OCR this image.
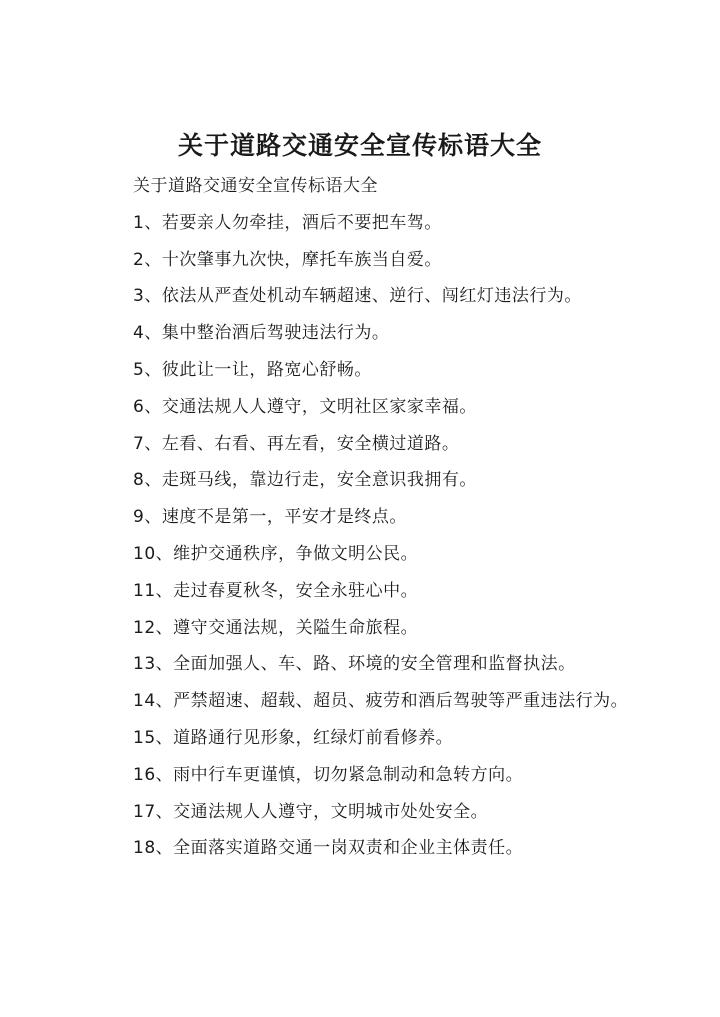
关于道路交通安全宣传标语大全

关于道路交通安全宣传标语大全

1、若要亲人勿牵挂，酒后不要把车驾。

2、十次肇事九次快，摩托车族当自爱。

3、依法从严查处机动车辆超速、逆行、闯红灯违法行为。

4、集中整治酒后驾驶违法行为。

5、彼此让一让，路宽心舒畅。

6、交通法规人人遵守，文明社区家家幸福。

7、左看、右看、再左看，安全横过道路。

8、走斑马线，靠边行走，安全意识我拥有。

9、速度不是第一，平安才是终点。

10、维护交通秩序，争做文明公民。

11、走过春夏秋冬，安全永驻心中。

12、遵守交通法规，关隘生命旅程。

13、全面加强人、车、路、环境的安全管理和监督执法。

14、严禁超速、超载、超员、疲劳和酒后驾驶等严重违法行为。

15、道路通行见形象，红绿灯前看修养。

16、雨中行车更谨慎，切勿紧急制动和急转方向。

17、交通法规人人遵守，文明城市处处安全。

18、全面落实道路交通一岗双责和企业主体责任。
